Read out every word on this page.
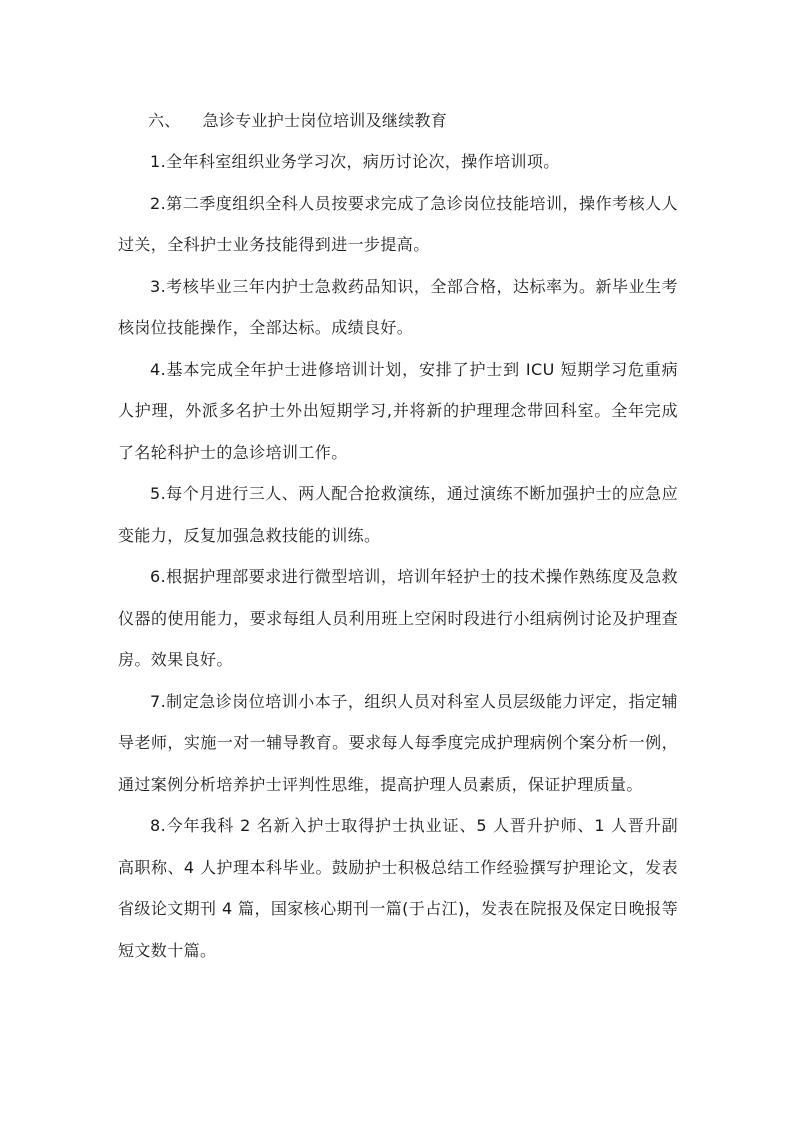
六、 急诊专业护士岗位培训及继续教育

1.全年科室组织业务学习次，病历讨论次，操作培训项。

2.第二季度组织全科人员按要求完成了急诊岗位技能培训，操作考核人人过关，全科护士业务技能得到进一步提高。

3.考核毕业三年内护士急救药品知识，全部合格，达标率为。新毕业生考核岗位技能操作，全部达标。成绩良好。

4.基本完成全年护士进修培训计划，安排了护士到 ICU 短期学习危重病人护理，外派多名护士外出短期学习,并将新的护理理念带回科室。全年完成了名轮科护士的急诊培训工作。

5.每个月进行三人、两人配合抢救演练，通过演练不断加强护士的应急应变能力，反复加强急救技能的训练。

6.根据护理部要求进行微型培训，培训年轻护士的技术操作熟练度及急救仪器的使用能力，要求每组人员利用班上空闲时段进行小组病例讨论及护理查房。效果良好。

7.制定急诊岗位培训小本子，组织人员对科室人员层级能力评定，指定辅导老师，实施一对一辅导教育。要求每人每季度完成护理病例个案分析一例，通过案例分析培养护士评判性思维，提高护理人员素质，保证护理质量。

8.今年我科 2 名新入护士取得护士执业证、5 人晋升护师、1 人晋升副高职称、4 人护理本科毕业。鼓励护士积极总结工作经验撰写护理论文，发表省级论文期刊 4 篇，国家核心期刊一篇(于占江)，发表在院报及保定日晚报等短文数十篇。
